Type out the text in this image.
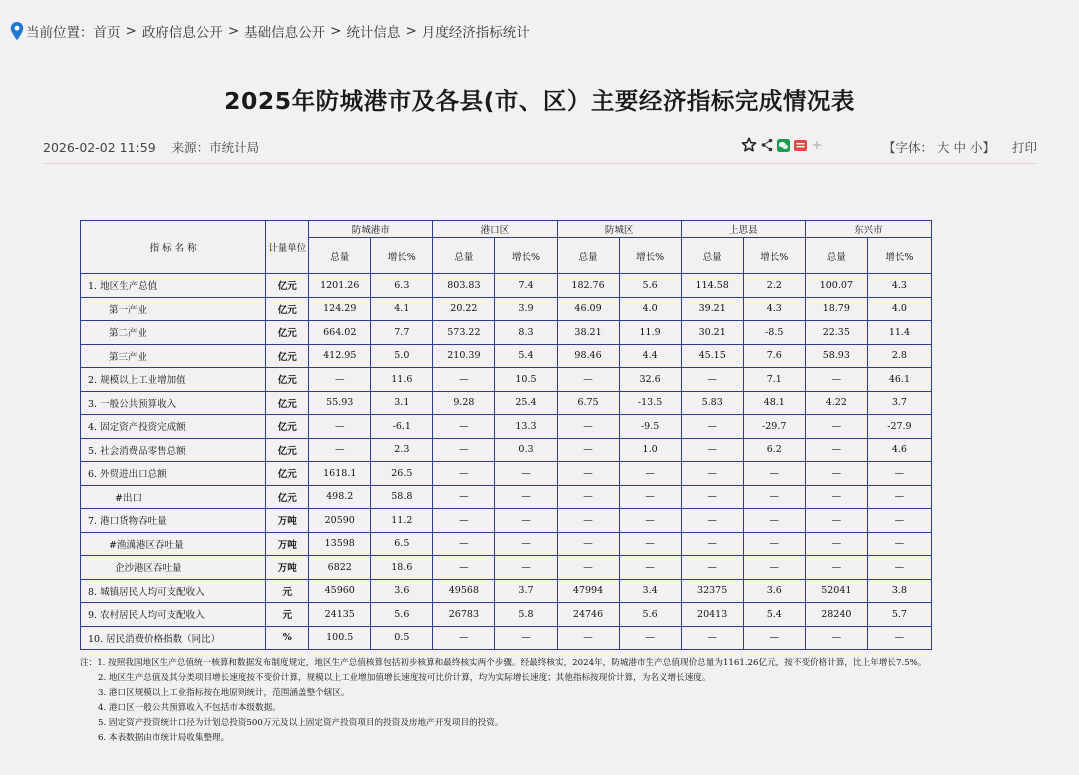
当前位置： 首页 > 政府信息公开 > 基础信息公开 > 统计信息 > 月度经济指标统计
2025年防城港市及各县(市、区）主要经济指标完成情况表
2026-02-02 11:59 来源：市统计局	【字体： 大 中 小】 打印
指 标 名 称	计量单位	防城港市		港口区		防城区		上思县		东兴市	
		总量	增长%	总量	增长%	总量	增长%	总量	增长%	总量	增长%
1. 地区生产总值	亿元	1201.26	6.3	803.83	7.4	182.76	5.6	114.58	2.2	100.07	4.3
第一产业	亿元	124.29	4.1	20.22	3.9	46.09	4.0	39.21	4.3	18.79	4.0
第二产业	亿元	664.02	7.7	573.22	8.3	38.21	11.9	30.21	-8.5	22.35	11.4
第三产业	亿元	412.95	5.0	210.39	5.4	98.46	4.4	45.15	7.6	58.93	2.8
2. 规模以上工业增加值	亿元	—	11.6	—	10.5	—	32.6	—	7.1	—	46.1
3. 一般公共预算收入	亿元	55.93	3.1	9.28	25.4	6.75	-13.5	5.83	48.1	4.22	3.7
4. 固定资产投资完成额	亿元	—	-6.1	—	13.3	—	-9.5	—	-29.7	—	-27.9
5. 社会消费品零售总额	亿元	—	2.3	—	0.3	—	1.0	—	6.2	—	4.6
6. 外贸进出口总额	亿元	1618.1	26.5	—	—	—	—	—	—	—	—
#出口	亿元	498.2	58.8	—	—	—	—	—	—	—	—
7. 港口货物吞吐量	万吨	20590	11.2	—	—	—	—	—	—	—	—
#渔澫港区吞吐量	万吨	13598	6.5	—	—	—	—	—	—	—	—
企沙港区吞吐量	万吨	6822	18.6	—	—	—	—	—	—	—	—
8. 城镇居民人均可支配收入	元	45960	3.6	49568	3.7	47994	3.4	32375	3.6	52041	3.8
9. 农村居民人均可支配收入	元	24135	5.6	26783	5.8	24746	5.6	20413	5.4	28240	5.7
10. 居民消费价格指数（同比）	%	100.5	0.5	—	—	—	—	—	—	—	—
注：1. 按照我国地区生产总值统一核算和数据发布制度规定，地区生产总值核算包括初步核算和最终核实两个步骤。经最终核实，2024年，防城港市生产总值现价总量为1161.26亿元，按不变价格计算，比上年增长7.5%。
2. 地区生产总值及其分类项目增长速度按不变价计算，规模以上工业增加值增长速度按可比价计算，均为实际增长速度；其他指标按现价计算，为名义增长速度。
3. 港口区规模以上工业指标按在地原则统计，范围涵盖整个辖区。
4. 港口区一般公共预算收入不包括市本级数据。
5. 固定资产投资统计口径为计划总投资500万元及以上固定资产投资项目的投资及房地产开发项目的投资。
6. 本表数据由市统计局收集整理。
